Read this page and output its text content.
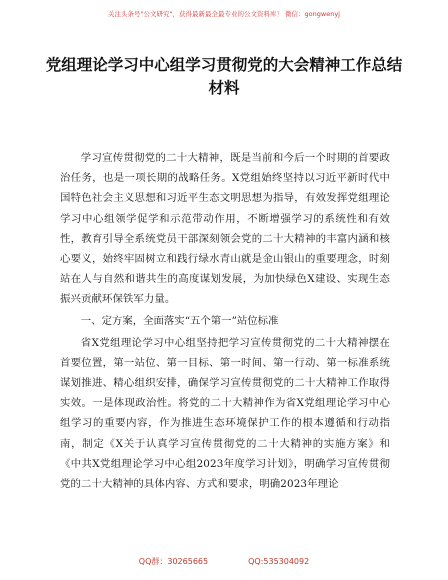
关注头条号"公文研究"，获得最新最全最专业的公文资料库！ 微信：gongwenyj
党组理论学习中心组学习贯彻党的大会精神工作总结材料

学习宣传贯彻党的二十大精神，既是当前和今后一个时期的首要政治任务，也是一项长期的战略任务。X党组始终坚持以习近平新时代中国特色社会主义思想和习近平生态文明思想为指导，有效发挥党组理论学习中心组领学促学和示范带动作用，不断增强学习的系统性和有效性，教育引导全系统党员干部深刻领会党的二十大精神的丰富内涵和核心要义，始终牢固树立和践行绿水青山就是金山银山的重要理念，时刻站在人与自然和谐共生的高度谋划发展，为加快绿色X建设、实现生态振兴贡献环保铁军力量。

一、定方案，全面落实“五个第一”站位标准

省X党组理论学习中心组坚持把学习宣传贯彻党的二十大精神摆在首要位置，第一站位、第一目标、第一时间、第一行动、第一标准系统谋划推进、精心组织安排，确保学习宣传贯彻党的二十大精神工作取得实效。一是体现政治性。将党的二十大精神作为省X党组理论学习中心组学习的重要内容，作为推进生态环境保护工作的根本遵循和行动指南，制定《X关于认真学习宣传贯彻党的二十大精神的实施方案》和《中共X党组理论学习中心组2023年度学习计划》，明确学习宣传贯彻党的二十大精神的具体内容、方式和要求，明确2023年理论

QQ群：30265665	QQ:535304092
